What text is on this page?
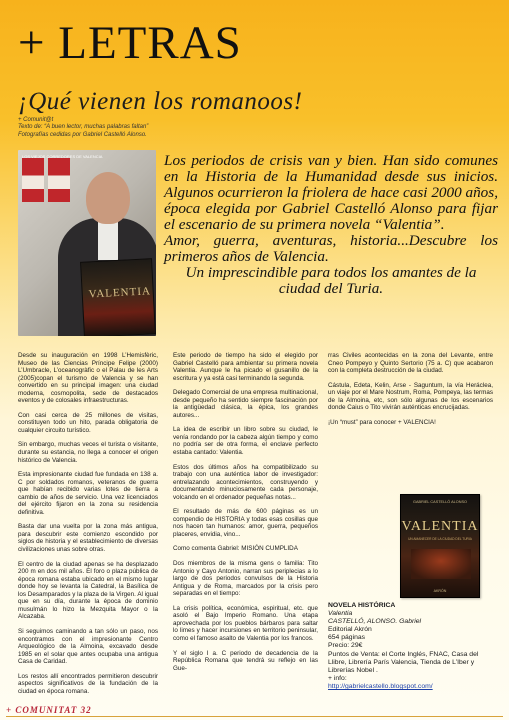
+ LETRAS
¡Qué vienen los romanoos!
+ Comunit@t
Texto de: “A buen lector, muchas palabras faltan”
Fotografías cedidas por Gabriel Castelló Alonso.
VALENTIA
LOS VIEJOS CORREDORES DE VALENCIA	Los periodos de crisis van y bien. Han sido comunes en la Historia de la Humanidad desde sus inicios. Algunos ocurrieron la friolera de hace casi 2000 años, época elegida por Gabriel Castelló Alonso para fijar el escenario de su primera novela “Valentia”.

Amor, guerra, aventuras, historia...Descubre los primeros años de Valencia.

Un imprescindible para todos los amantes de la ciudad del Turia.

Desde su inauguración en 1998 L’Hemisfèric, Museo de las Ciencias Príncipe Felipe (2000) L’Umbracle, L’oceanogràfic o el Palau de les Arts (2005)copan el turismo de Valencia y se han convertido en su principal imagen: una ciudad moderna, cosmopolita, sede de destacados eventos y de colosales infraestructuras.

Con casi cerca de 25 millones de visitas, constituyen todo un hito, parada obligatoria de cualquier circuito turístico.

Sin embargo, muchas veces el turista o visitante, durante su estancia, no llega a conocer el origen histórico de Valencia.

Esta impresionante ciudad fue fundada en 138 a. C por soldados romanos, veteranos de guerra que habían recibido varias lotes de tierra a cambio de años de servicio. Una vez licenciados del ejército fijaron en la zona su residencia definitiva.

Basta dar una vuelta por la zona más antigua, para descubrir este comienzo escondido por siglos de historia y el establecimiento de diversas civilizaciones unas sobre otras.

El centro de la ciudad apenas se ha desplazado 200 m en dos mil años. El foro o plaza pública de época romana estaba ubicado en el mismo lugar donde hoy se levanta la Catedral, la Basílica de los Desamparados y la plaza de la Virgen. Al igual que en su día, durante la época de dominio musulmán lo hizo la Mezquita Mayor o la Alcazaba.

Si seguimos caminando a tan sólo un paso, nos encontramos con el impresionante Centro Arqueológico de la Almoina, excavado desde 1985 en el solar que antes ocupaba una antigua Casa de Caridad.

Los restos allí encontrados permitieron descubrir aspectos significativos de la fundación de la ciudad en época romana.

Este periodo de tiempo ha sido el elegido por Gabriel Castelló para ambientar su primera novela Valentia. Aunque le ha picado el gusanillo de la escritura y ya está casi terminando la segunda.

Delegado Comercial de una empresa multinacional, desde pequeño ha sentido siempre fascinación por la antigüedad clásica, la épica, los grandes autores...

La idea de escribir un libro sobre su ciudad, le venía rondando por la cabeza algún tiempo y como no podría ser de otra forma, el enclave perfecto estaba cantado: Valentia.

Estos dos últimos años ha compatibilizado su trabajo con una auténtica labor de investigador: entrelazando acontecimientos, construyendo y documentando minuciosamente cada personaje, volcando en el ordenador pequeñas notas...

El resultado de más de 600 páginas es un compendio de HISTORIA y todas esas cosillas que nos hacen tan humanos: amor, guerra, pequeños placeres, envidia, vino...

Como comenta Gabriel: MISIÓN CUMPLIDA

Dos miembros de la misma gens o familia: Tito Antonio y Cayo Antonio, narran sus periplecias a lo largo de dos periodos convulsos de la Historia Antigua y de Roma, marcados por la crisis pero separadas en el tiempo:

La crisis política, económica, espiritual, etc. que asoló el Bajo Imperio Romano. Una etapa aprovechada por los pueblos bárbaros para saltar lo limes y hacer incursiones en territorio peninsular, como el famoso asalto de Valentia por los francos.

Y el siglo I a. C periodo de decadencia de la República Romana que tendrá su reflejo en las Gue-

rras Civiles acontecidas en la zona del Levante, entre Cneo Pompeyo y Quinto Sertorio (75 a. C) que acabaron con la completa destrucción de la ciudad.

Cástula, Edeta, Kelin, Arse - Saguntum, la vía Heráclea, un viaje por el Mare Nostrum, Roma, Pompeya, las termas de la Almoina, etc, son sólo algunas de los escenarios donde Caius o Tito vivirán auténticas encrucijadas.

¡Un “must” para conocer + VALENCIA!

GABRIEL CASTELLÓ ALONSO
VALENTIA
UN AMANECER DE LA CIUDAD DEL TURIA
AKRÓN
NOVELA HISTÓRICA
Valentia
CASTELLÓ, ALONSO. Gabriel
Editorial Akrón
654 páginas
Precio: 29€
Puntos de Venta: el Corte Inglés, FNAC, Casa del Llibre, Librería París Valencia, Tienda de L’Iber y Librerías Nobel .
+ info:
http://gabrielcastello.blogspot.com/
+ COMUNITAT 32
